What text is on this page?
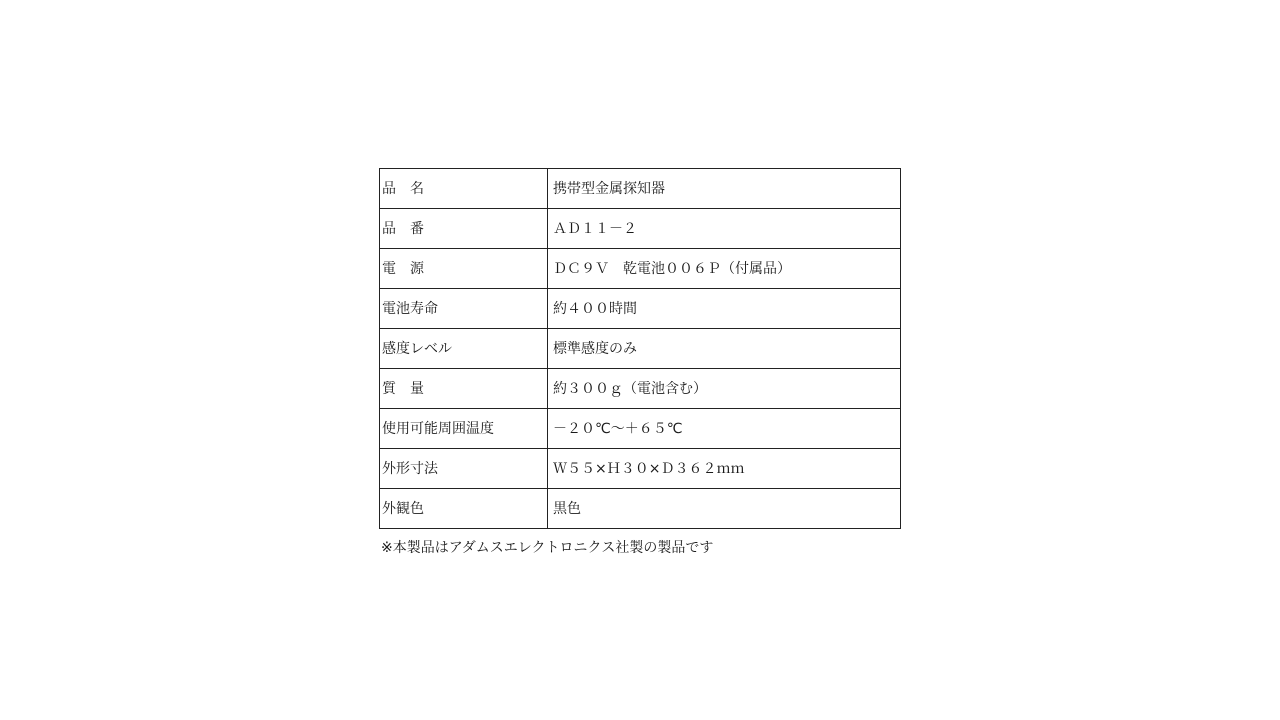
品　名	携帯型金属探知器
品　番	ＡＤ１１－２
電　源	ＤＣ９Ｖ　乾電池００６Ｐ（付属品）
電池寿命	約４００時間
感度レベル	標準感度のみ
質　量	約３００ｇ（電池含む）
使用可能周囲温度	－２０℃～＋６５℃
外形寸法	Ｗ５５×Ｈ３０×Ｄ３６２ｍｍ
外観色	黒色
※本製品はアダムスエレクトロニクス社製の製品です
